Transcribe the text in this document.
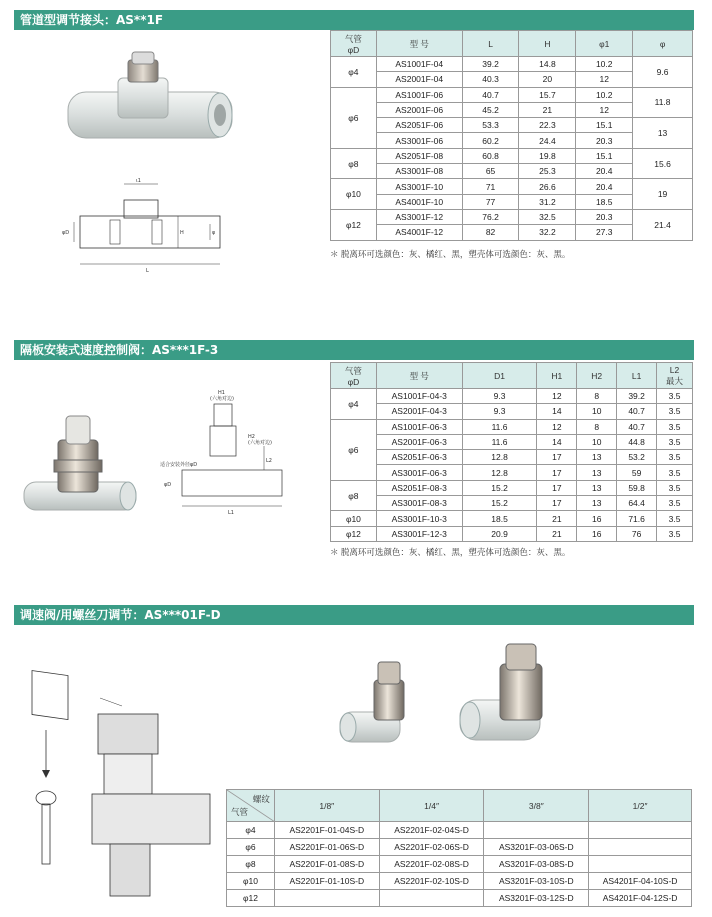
管道型调节接头：AS**1F
ι1
L
H
φD	φ
气管
φD	型 号	L	H	φ1	φ
φ4	AS1001F-04	39.2	14.8	10.2	9.6
	AS2001F-04	40.3	20	12	
φ6	AS1001F-06	40.7	15.7	10.2	11.8
	AS2001F-06	45.2	21	12	
	AS2051F-06	53.3	22.3	15.1	13
	AS3001F-06	60.2	24.4	20.3	
φ8	AS2051F-08	60.8	19.8	15.1	15.6
	AS3001F-08	65	25.3	20.4	
φ10	AS3001F-10	71	26.6	20.4	19
	AS4001F-10	77	31.2	18.5	
φ12	AS3001F-12	76.2	32.5	20.3	21.4
	AS4001F-12	82	32.2	27.3	
＊ 脱离环可选颜色：灰、橘红、黑，塑壳体可选颜色：灰、黑。
隔板安装式速度控制阀：AS***1F-3
H1
(六角对边)
H2
(六角对边)
L2
适合安装外径φD
φD
L1
气管
φD	型 号	D1	H1	H2	L1	L2
最大
φ4	AS1001F-04-3	9.3	12	8	39.2	3.5
	AS2001F-04-3	9.3	14	10	40.7	3.5
φ6	AS1001F-06-3	11.6	12	8	40.7	3.5
	AS2001F-06-3	11.6	14	10	44.8	3.5
	AS2051F-06-3	12.8	17	13	53.2	3.5
	AS3001F-06-3	12.8	17	13	59	3.5
φ8	AS2051F-08-3	15.2	17	13	59.8	3.5
	AS3001F-08-3	15.2	17	13	64.4	3.5
φ10	AS3001F-10-3	18.5	21	16	71.6	3.5
φ12	AS3001F-12-3	20.9	21	16	76	3.5
＊ 脱离环可选颜色：灰、橘红、黑，塑壳体可选颜色：灰、黑。
调速阀/用螺丝刀调节：AS***01F-D
螺纹
气管	1/8″	1/4″	3/8″	1/2″
φ4	AS2201F-01-04S-D	AS2201F-02-04S-D		
φ6	AS2201F-01-06S-D	AS2201F-02-06S-D	AS3201F-03-06S-D	
φ8	AS2201F-01-08S-D	AS2201F-02-08S-D	AS3201F-03-08S-D	
φ10	AS2201F-01-10S-D	AS2201F-02-10S-D	AS3201F-03-10S-D	AS4201F-04-10S-D
φ12			AS3201F-03-12S-D	AS4201F-04-12S-D
